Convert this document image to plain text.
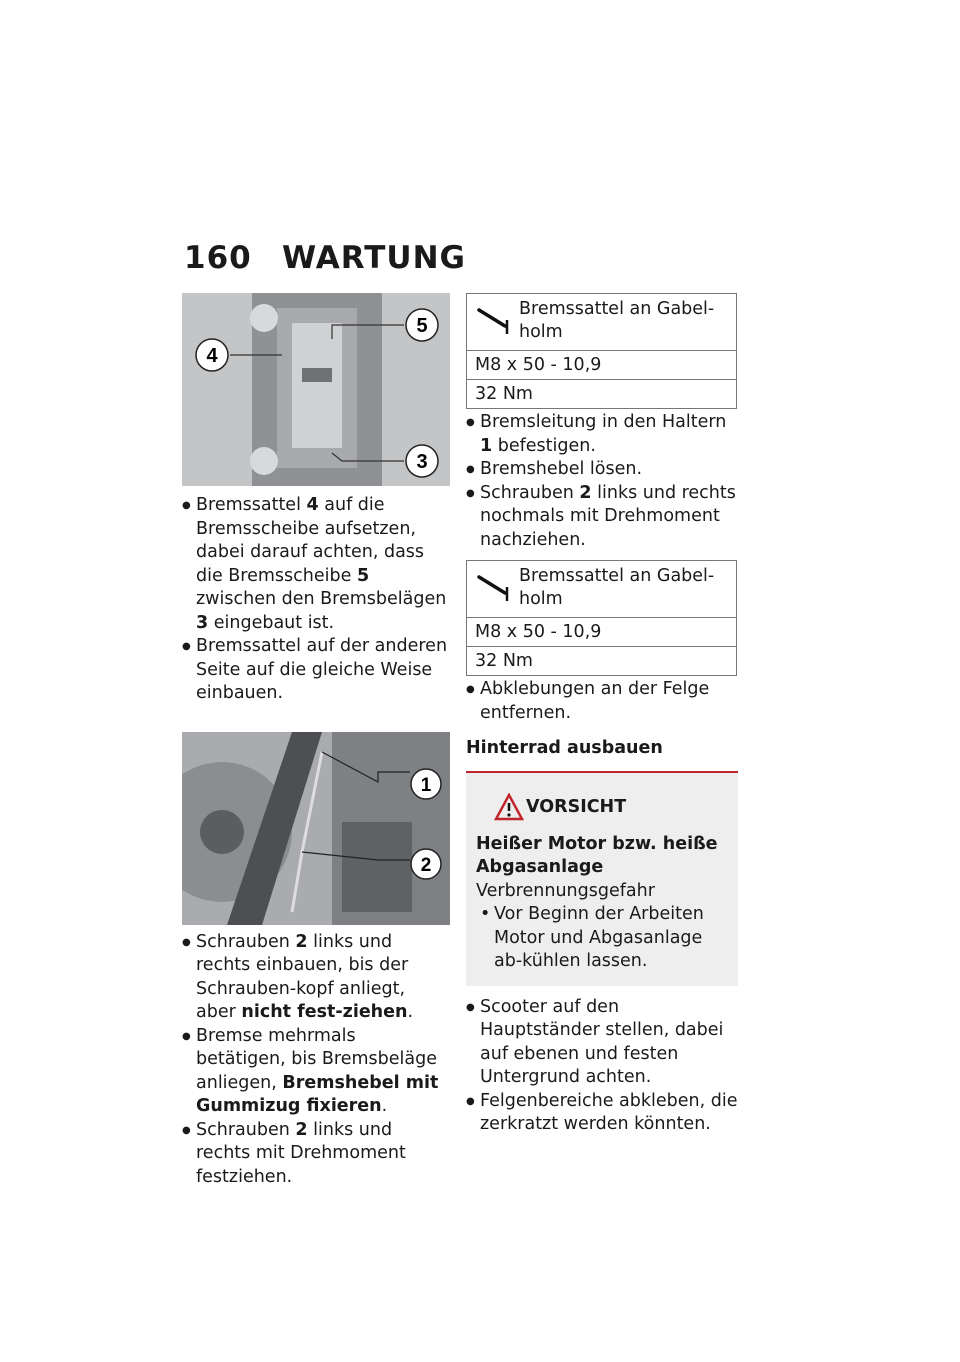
160 WARTUNG
4
5
3
● Bremssattel 4 auf die Bremsscheibe aufsetzen, dabei darauf achten, dass die Bremsscheibe 5 zwischen den Bremsbelägen 3 eingebaut ist.
● Bremssattel auf der anderen Seite auf die gleiche Weise einbauen.
1
2
● Schrauben 2 links und rechts einbauen, bis der Schrauben-kopf anliegt, aber nicht fest-ziehen.
● Bremse mehrmals betätigen, bis Bremsbeläge anliegen, Bremshebel mit Gummizug fixieren.
● Schrauben 2 links und rechts mit Drehmoment festziehen.
Bremssattel an Gabel-holm
M8 x 50 - 10,9
32 Nm
● Bremsleitung in den Haltern 1 befestigen.
● Bremshebel lösen.
● Schrauben 2 links und rechts nochmals mit Drehmoment nachziehen.
Bremssattel an Gabel-holm
M8 x 50 - 10,9
32 Nm
● Abklebungen an der Felge entfernen.
Hinterrad ausbauen
VORSICHT
Heißer Motor bzw. heiße Abgasanlage
Verbrennungsgefahr
• Vor Beginn der Arbeiten Motor und Abgasanlage ab-kühlen lassen.
● Scooter auf den Hauptständer stellen, dabei auf ebenen und festen Untergrund achten.
● Felgenbereiche abkleben, die zerkratzt werden könnten.
